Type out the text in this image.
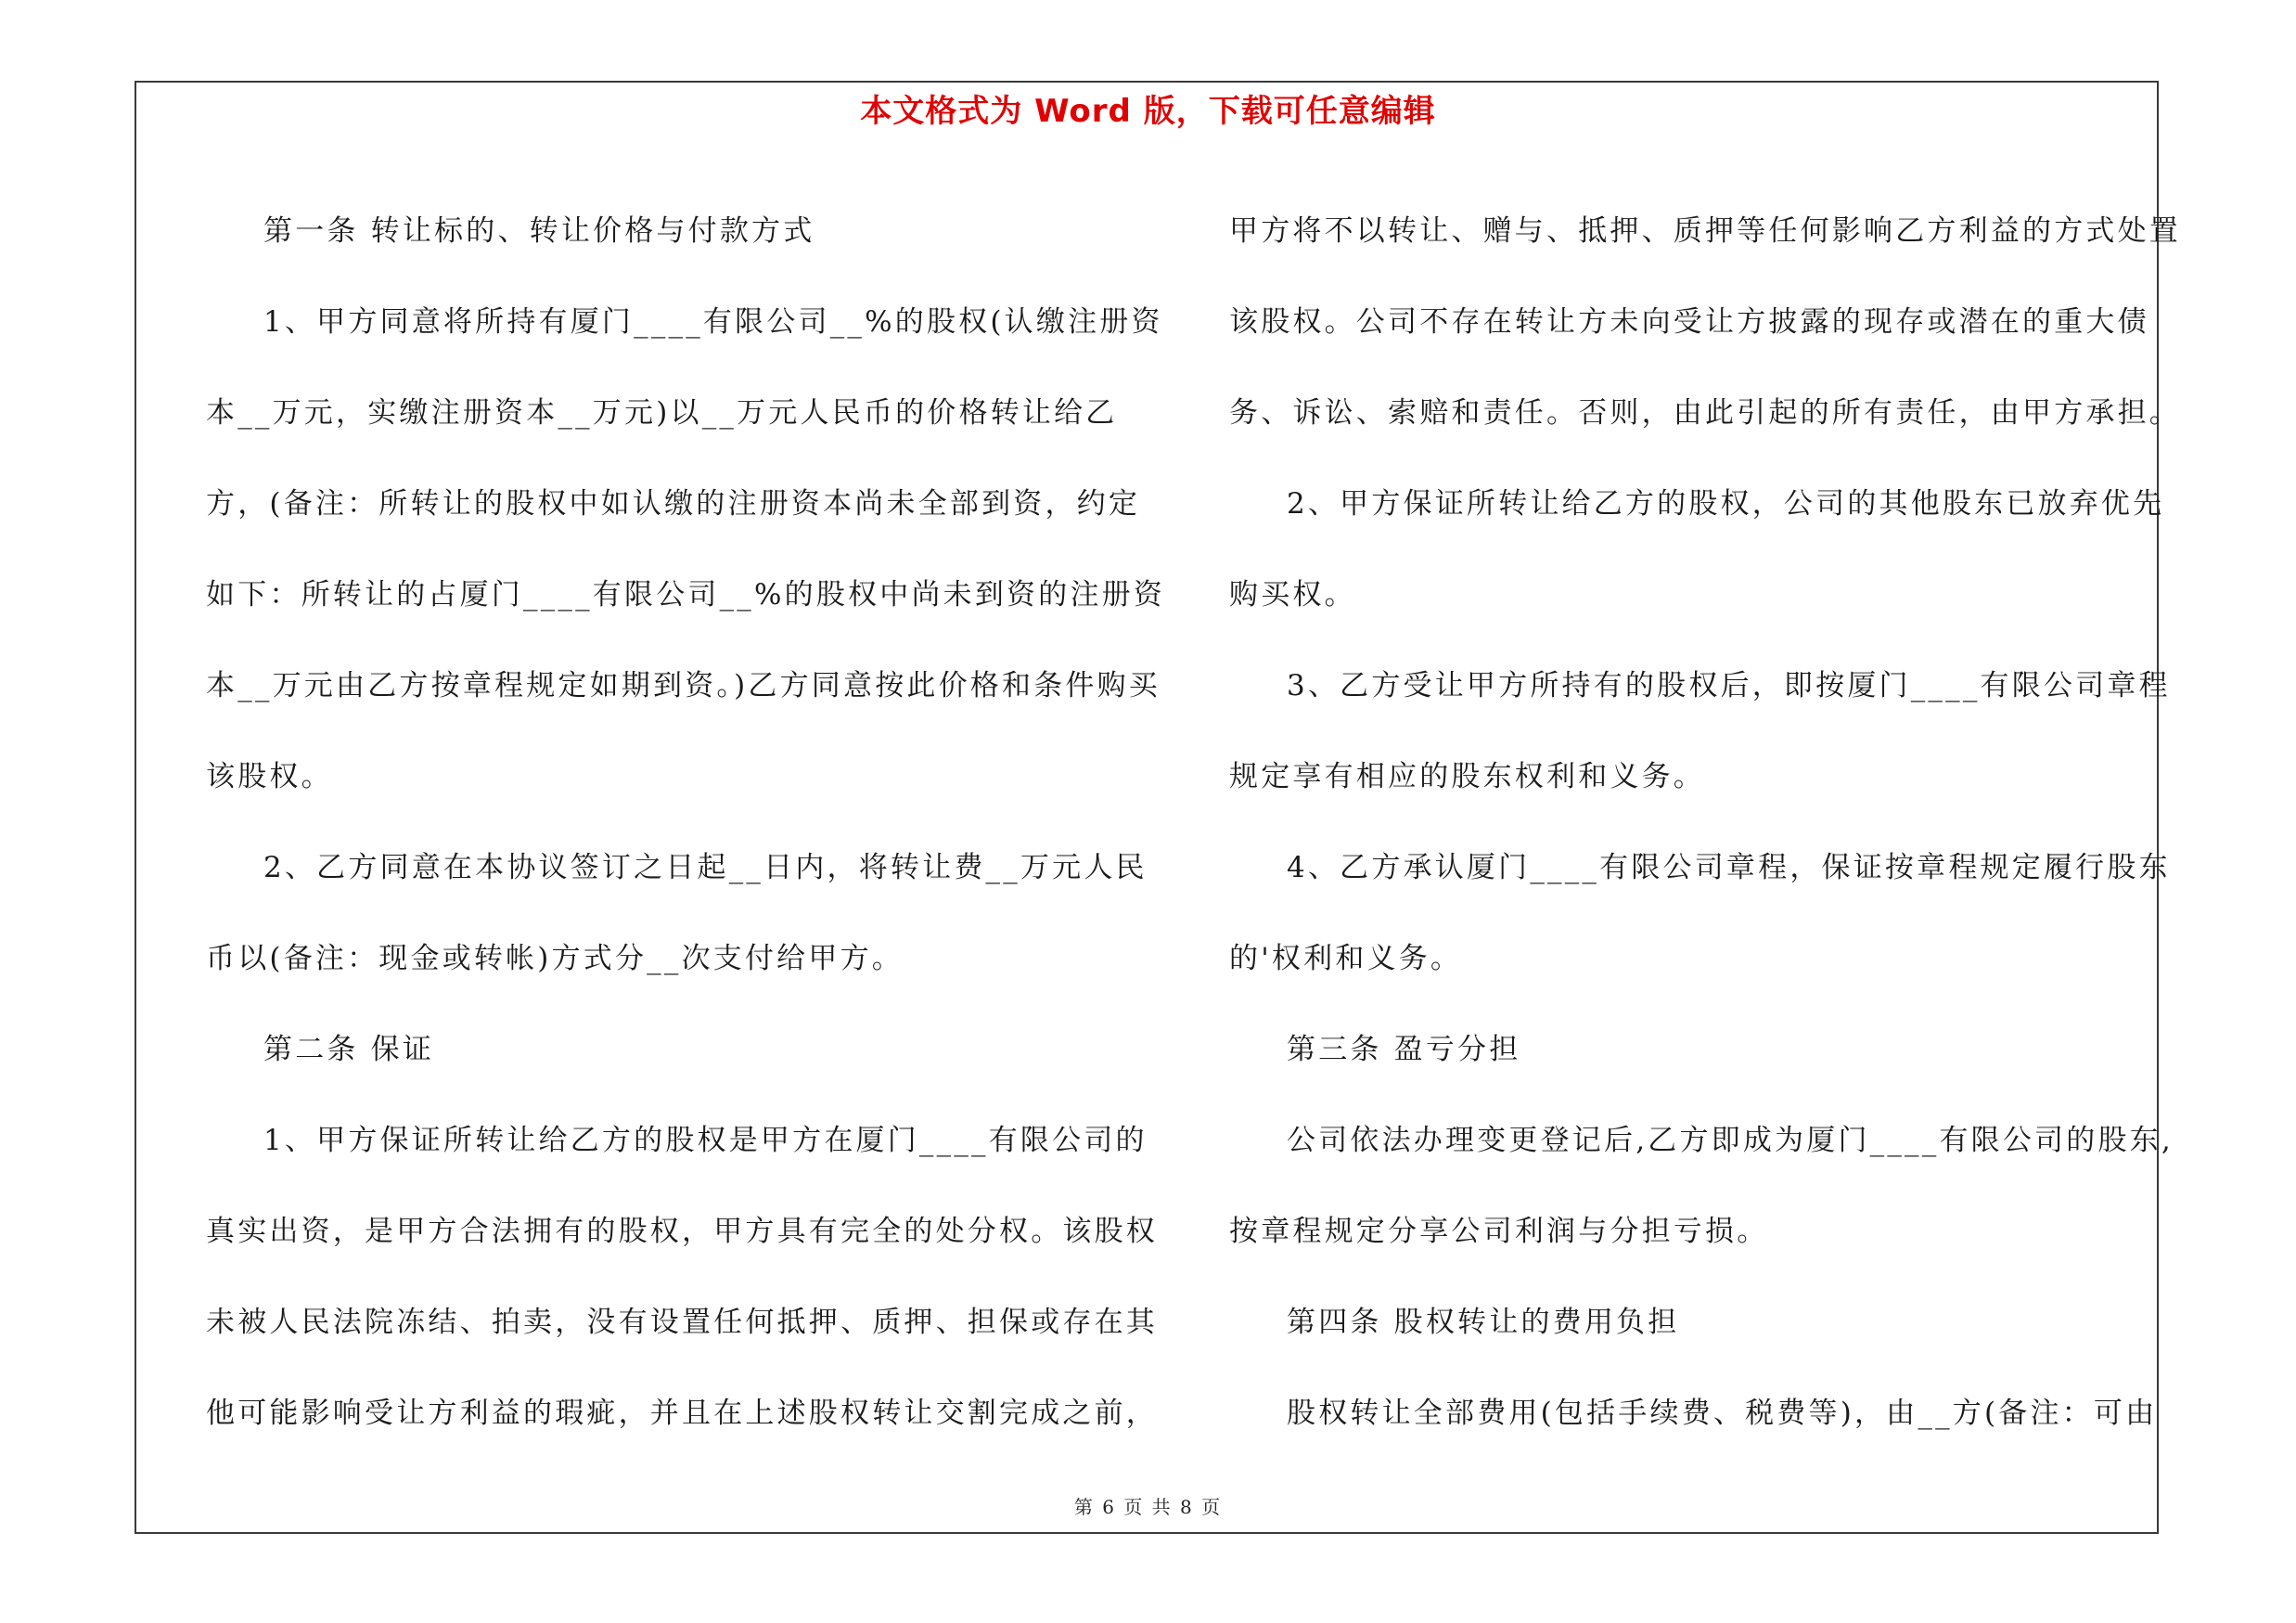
本文格式为 Word 版，下载可任意编辑

第一条 转让标的、转让价格与付款方式

1、甲方同意将所持有厦门____有限公司__%的股权(认缴注册资本__万元，实缴注册资本__万元)以__万元人民币的价格转让给乙方，(备注：所转让的股权中如认缴的注册资本尚未全部到资，约定如下：所转让的占厦门____有限公司__%的股权中尚未到资的注册资本__万元由乙方按章程规定如期到资。)乙方同意按此价格和条件购买该股权。

2、乙方同意在本协议签订之日起__日内，将转让费__万元人民币以(备注：现金或转帐)方式分__次支付给甲方。

第二条 保证

1、甲方保证所转让给乙方的股权是甲方在厦门____有限公司的真实出资，是甲方合法拥有的股权，甲方具有完全的处分权。该股权未被人民法院冻结、拍卖，没有设置任何抵押、质押、担保或存在其他可能影响受让方利益的瑕疵，并且在上述股权转让交割完成之前，

甲方将不以转让、赠与、抵押、质押等任何影响乙方利益的方式处置该股权。公司不存在转让方未向受让方披露的现存或潜在的重大债务、诉讼、索赔和责任。否则，由此引起的所有责任，由甲方承担。

2、甲方保证所转让给乙方的股权，公司的其他股东已放弃优先购买权。

3、乙方受让甲方所持有的股权后，即按厦门____有限公司章程规定享有相应的股东权利和义务。

4、乙方承认厦门____有限公司章程，保证按章程规定履行股东的'权利和义务。

第三条 盈亏分担

公司依法办理变更登记后,乙方即成为厦门____有限公司的股东,按章程规定分享公司利润与分担亏损。

第四条 股权转让的费用负担

股权转让全部费用(包括手续费、税费等)，由__方(备注：可由

第 6 页 共 8 页
